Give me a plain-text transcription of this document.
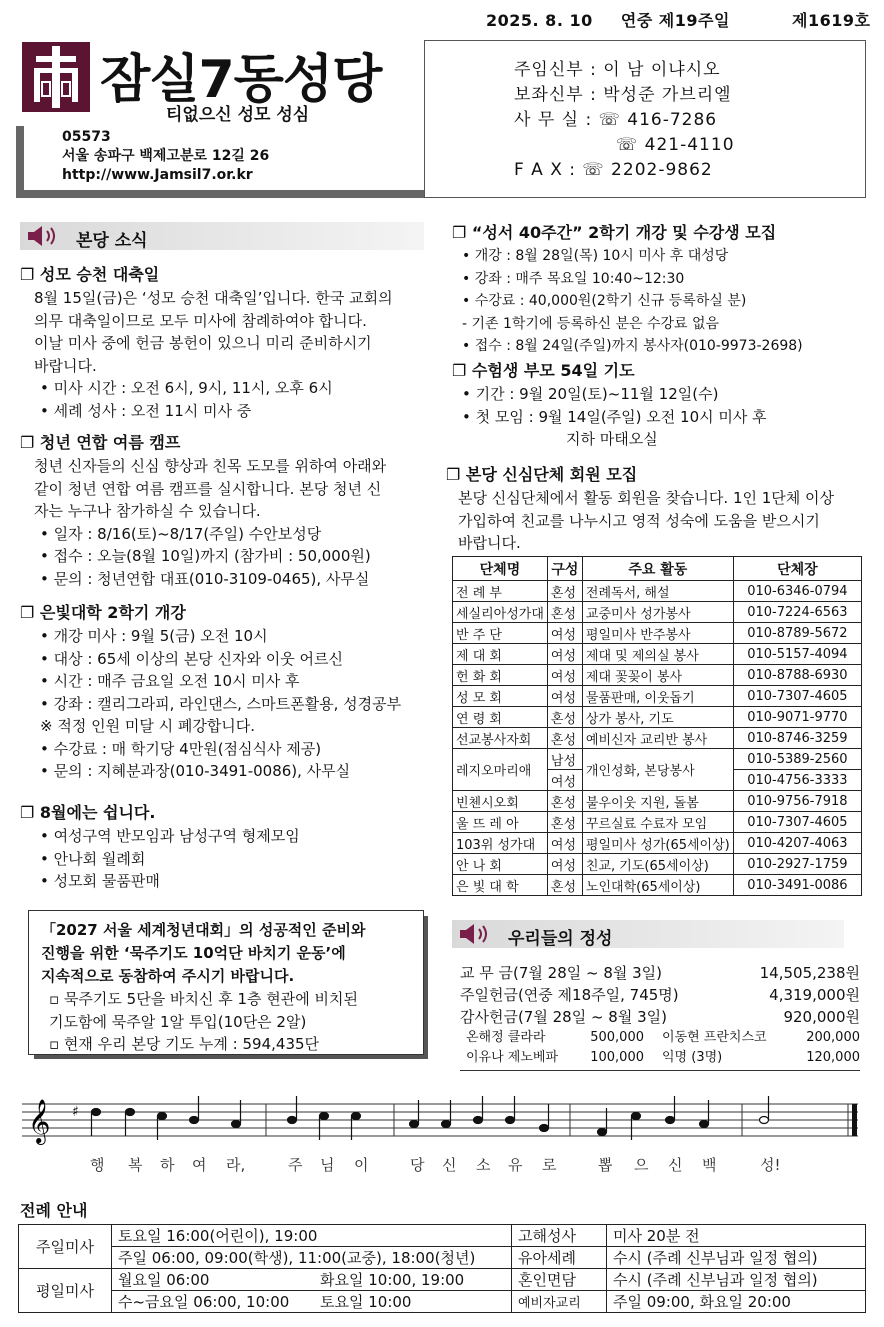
2025. 8. 10 연중 제19주일	제1619호
잠실7동성당
티없으신 성모 성심
05573
서울 송파구 백제고분로 12길 26
http://www.Jamsil7.or.kr
주임신부 : 이 남 이냐시오
보좌신부 : 박성준 가브리엘
사 무 실 : ☏ 416-7286
☏ 421-4110
F A X : ☏ 2202-9862
본당 소식
❐ 성모 승천 대축일
8월 15일(금)은 ‘성모 승천 대축일’입니다. 한국 교회의
의무 대축일이므로 모두 미사에 참례하여야 합니다.
이날 미사 중에 헌금 봉헌이 있으니 미리 준비하시기
바랍니다.
• 미사 시간 : 오전 6시, 9시, 11시, 오후 6시
• 세례 성사 : 오전 11시 미사 중
❐ 청년 연합 여름 캠프
청년 신자들의 신심 향상과 친목 도모를 위하여 아래와
같이 청년 연합 여름 캠프를 실시합니다. 본당 청년 신
자는 누구나 참가하실 수 있습니다.
• 일자 : 8/16(토)~8/17(주일) 수안보성당
• 접수 : 오늘(8월 10일)까지 (참가비 : 50,000원)
• 문의 : 청년연합 대표(010-3109-0465), 사무실
❐ 은빛대학 2학기 개강
• 개강 미사 : 9월 5(금) 오전 10시
• 대상 : 65세 이상의 본당 신자와 이웃 어르신
• 시간 : 매주 금요일 오전 10시 미사 후
• 강좌 : 캘리그라피, 라인댄스, 스마트폰활용, 성경공부
※ 적정 인원 미달 시 폐강합니다.
• 수강료 : 매 학기당 4만원(점심식사 제공)
• 문의 : 지혜분과장(010-3491-0086), 사무실
❐ 8월에는 쉽니다.
• 여성구역 반모임과 남성구역 형제모임
• 안나회 월례회
• 성모회 물품판매
「2027 서울 세계청년대회」의 성공적인 준비와
진행을 위한 ‘묵주기도 10억단 바치기 운동’에
지속적으로 동참하여 주시기 바랍니다.
▫ 묵주기도 5단을 바치신 후 1층 현관에 비치된
기도함에 묵주알 1알 투입(10단은 2알)
▫ 현재 우리 본당 기도 누계 : 594,435단
❐ “성서 40주간” 2학기 개강 및 수강생 모집
• 개강 : 8월 28일(목) 10시 미사 후 대성당
• 강좌 : 매주 목요일 10:40~12:30
• 수강료 : 40,000원(2학기 신규 등록하실 분)
- 기존 1학기에 등록하신 분은 수강료 없음
• 접수 : 8월 24일(주일)까지 봉사자(010-9973-2698)
❐ 수험생 부모 54일 기도
• 기간 : 9월 20일(토)~11월 12일(수)
• 첫 모임 : 9월 14일(주일) 오전 10시 미사 후
지하 마태오실
❐ 본당 신심단체 회원 모집
본당 신심단체에서 활동 회원을 찾습니다. 1인 1단체 이상
가입하여 친교를 나누시고 영적 성숙에 도움을 받으시기
바랍니다.
단체명	구성	주요 활동	단체장
전 례 부	혼성	전례독서, 해설	010-6346-0794
세실리아성가대	혼성	교중미사 성가봉사	010-7224-6563
반 주 단	여성	평일미사 반주봉사	010-8789-5672
제 대 회	여성	제대 및 제의실 봉사	010-5157-4094
헌 화 회	여성	제대 꽃꽂이 봉사	010-8788-6930
성 모 회	여성	물품판매, 이웃돕기	010-7307-4605
연 령 회	혼성	상가 봉사, 기도	010-9071-9770
선교봉사자회	혼성	예비신자 교리반 봉사	010-8746-3259
레지오마리애	남성	개인성화, 본당봉사	010-5389-2560
	여성		010-4756-3333
빈첸시오회	혼성	불우이웃 지원, 돌봄	010-9756-7918
울 뜨 레 아	혼성	꾸르실료 수료자 모임	010-7307-4605
103위 성가대	여성	평일미사 성가(65세이상)	010-4207-4063
안 나 회	여성	친교, 기도(65세이상)	010-2927-1759
은 빛 대 학	혼성	노인대학(65세이상)	010-3491-0086
우리들의 정성
교 무 금(7월 28일 ~ 8월 3일)	14,505,238원
주일헌금(연중 제18주일, 745명)	4,319,000원
감사헌금(7월 28일 ~ 8월 3일)	920,000원
온해정 클라라	500,000	이동현 프란치스코	200,000
이유나 제노베파	100,000	익명 (3명)	120,000
𝄞 ♯
행 복 하 여 라,	주 님 이	당 신 소 유 로	뽑 으 신 백	성!
전례 안내
주일미사	토요일 16:00(어린이), 19:00		고해성사	미사 20분 전
	주일 06:00, 09:00(학생), 11:00(교중), 18:00(청년)		유아세례	수시 (주례 신부님과 일정 협의)
평일미사	월요일 06:00	화요일 10:00, 19:00	혼인면담	수시 (주례 신부님과 일정 협의)
	수~금요일 06:00, 10:00	토요일 10:00	예비자교리	주일 09:00, 화요일 20:00
